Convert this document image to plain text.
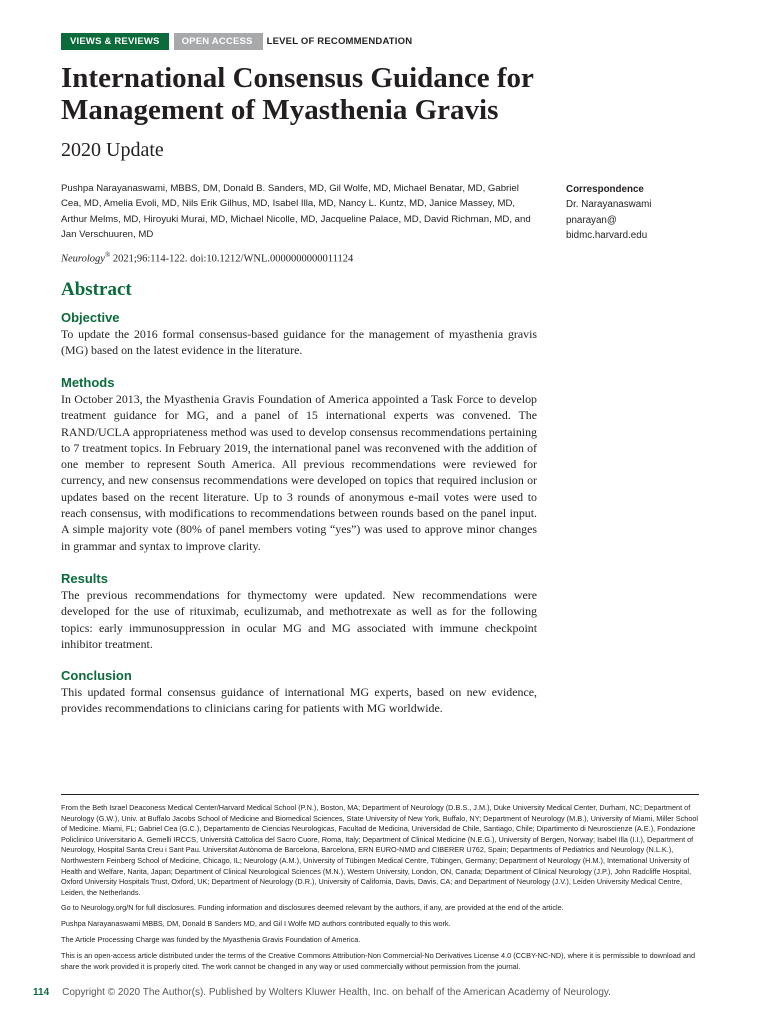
VIEWS & REVIEWS	OPEN ACCESS	LEVEL OF RECOMMENDATION
International Consensus Guidance for Management of Myasthenia Gravis
2020 Update
Pushpa Narayanaswami, MBBS, DM, Donald B. Sanders, MD, Gil Wolfe, MD, Michael Benatar, MD, Gabriel Cea, MD, Amelia Evoli, MD, Nils Erik Gilhus, MD, Isabel Illa, MD, Nancy L. Kuntz, MD, Janice Massey, MD, Arthur Melms, MD, Hiroyuki Murai, MD, Michael Nicolle, MD, Jacqueline Palace, MD, David Richman, MD, and Jan Verschuuren, MD
Neurology® 2021;96:114-122. doi:10.1212/WNL.0000000000011124
Correspondence
Dr. Narayanaswami
pnarayan@
bidmc.harvard.edu
Abstract
Objective

To update the 2016 formal consensus-based guidance for the management of myasthenia gravis (MG) based on the latest evidence in the literature.

Methods

In October 2013, the Myasthenia Gravis Foundation of America appointed a Task Force to develop treatment guidance for MG, and a panel of 15 international experts was convened. The RAND/UCLA appropriateness method was used to develop consensus recommendations pertaining to 7 treatment topics. In February 2019, the international panel was reconvened with the addition of one member to represent South America. All previous recommendations were reviewed for currency, and new consensus recommendations were developed on topics that required inclusion or updates based on the recent literature. Up to 3 rounds of anonymous e-mail votes were used to reach consensus, with modifications to recommendations between rounds based on the panel input. A simple majority vote (80% of panel members voting “yes”) was used to approve minor changes in grammar and syntax to improve clarity.

Results

The previous recommendations for thymectomy were updated. New recommendations were developed for the use of rituximab, eculizumab, and methotrexate as well as for the following topics: early immunosuppression in ocular MG and MG associated with immune checkpoint inhibitor treatment.

Conclusion

This updated formal consensus guidance of international MG experts, based on new evidence, provides recommendations to clinicians caring for patients with MG worldwide.

From the Beth Israel Deaconess Medical Center/Harvard Medical School (P.N.), Boston, MA; Department of Neurology (D.B.S., J.M.), Duke University Medical Center, Durham, NC; Department of Neurology (G.W.), Univ. at Buffalo Jacobs School of Medicine and Biomedical Sciences, State University of New York, Buffalo, NY; Department of Neurology (M.B.), University of Miami, Miller School of Medicine. Miami, FL; Gabriel Cea (G.C.), Departamento de Ciencias Neurologicas, Facultad de Medicina, Universidad de Chile, Santiago, Chile; Dipartimento di Neuroscienze (A.E.), Fondazione Policlinico Universitario A. Gemelli IRCCS, Università Cattolica del Sacro Cuore, Roma, Italy; Department of Clinical Medicine (N.E.G.), University of Bergen, Norway; Isabel Illa (I.I.), Department of Neurology, Hospital Santa Creu i Sant Pau. Universitat Autònoma de Barcelona, Barcelona, ERN EURO-NMD and CIBERER U762, Spain; Departments of Pediatrics and Neurology (N.L.K.), Northwestern Feinberg School of Medicine, Chicago, IL; Neurology (A.M.), University of Tübingen Medical Centre, Tübingen, Germany; Department of Neurology (H.M.), International University of Health and Welfare, Narita, Japan; Department of Clinical Neurological Sciences (M.N.), Western University, London, ON, Canada; Department of Clinical Neurology (J.P.), John Radcliffe Hospital, Oxford University Hospitals Trust, Oxford, UK; Department of Neurology (D.R.), University of California, Davis, Davis, CA; and Department of Neurology (J.V.), Leiden University Medical Centre, Leiden, the Netherlands.
Go to Neurology.org/N for full disclosures. Funding information and disclosures deemed relevant by the authors, if any, are provided at the end of the article.
Pushpa Narayanaswami MBBS, DM, Donald B Sanders MD, and Gil I Wolfe MD authors contributed equally to this work.
The Article Processing Charge was funded by the Myasthenia Gravis Foundation of America.
This is an open-access article distributed under the terms of the Creative Commons Attribution-Non Commercial-No Derivatives License 4.0 (CCBY-NC-ND), where it is permissible to download and share the work provided it is properly cited. The work cannot be changed in any way or used commercially without permission from the journal.
114 Copyright © 2020 The Author(s). Published by Wolters Kluwer Health, Inc. on behalf of the American Academy of Neurology.
